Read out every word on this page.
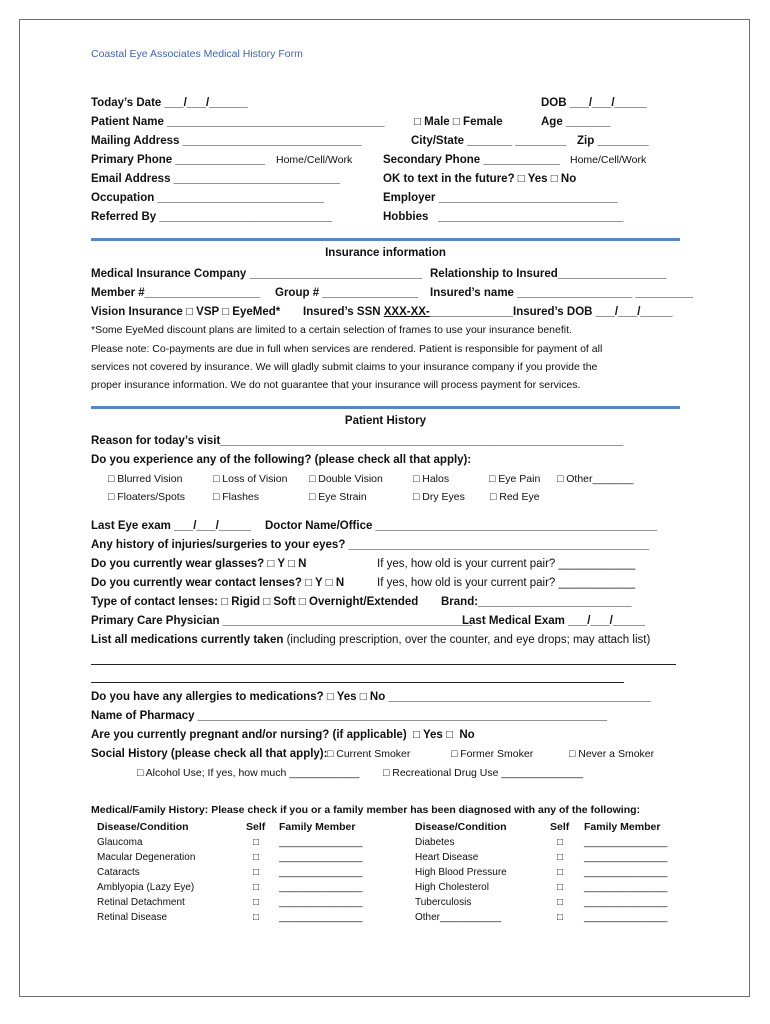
Coastal Eye Associates Medical History Form
Today’s Date ___/___/______	DOB ___/___/_____
Patient Name __________________________________	□ Male □ Female	Age _______
Mailing Address ____________________________	City/State _______ ________ Zip ________
Primary Phone ______________ Home/Cell/Work	Secondary Phone ____________ Home/Cell/Work
Email Address __________________________	OK to text in the future? □ Yes □ No
Occupation __________________________	Employer ____________________________
Referred By ___________________________	Hobbies   _____________________________
Insurance information
Medical Insurance Company ___________________________ Relationship to Insured_________________
Member #__________________ Group # _______________ Insured’s name __________________ _________
Vision Insurance □ VSP □ EyeMed* Insured’s SSN XXX-XX-_____________ Insured’s DOB ___/___/_____
*Some EyeMed discount plans are limited to a certain selection of frames to use your insurance benefit.
Please note: Co-payments are due in full when services are rendered. Patient is responsible for payment of all
services not covered by insurance. We will gladly submit claims to your insurance company if you provide the
proper insurance information. We do not guarantee that your insurance will process payment for services.
Patient History
Reason for today’s visit_______________________________________________________________
Do you experience any of the following? (please check all that apply):
□ Blurred Vision	□ Loss of Vision □ Double Vision	□ Halos	□ Eye Pain □ Other_______
□ Floaters/Spots	□ Flashes	□ Eye Strain	□ Dry Eyes □ Red Eye
Last Eye exam ___/___/_____ Doctor Name/Office ____________________________________________
Any history of injuries/surgeries to your eyes? _______________________________________________
Do you currently wear glasses? □ Y □ N	If yes, how old is your current pair? ____________
Do you currently wear contact lenses? □ Y □ N	If yes, how old is your current pair? ____________
Type of contact lenses: □ Rigid □ Soft □ Overnight/Extended Brand:________________________
Primary Care Physician _______________________________________
Last Medical Exam ___/___/_____
List all medications currently taken (including prescription, over the counter, and eye drops; may attach list)
Do you have any allergies to medications? □ Yes □ No _________________________________________
Name of Pharmacy ________________________________________________________________
Are you currently pregnant and/or nursing? (if applicable)  □ Yes □  No
Social History (please check all that apply): □ Current Smoker	□ Former Smoker	□ Never a Smoker
□ Alcohol Use; If yes, how much ____________ □ Recreational Drug Use ______________
Medical/Family History: Please check if you or a family member has been diagnosed with any of the following:
Disease/Condition	Self Family Member	Disease/Condition	Self Family Member
Glaucoma	□ _______________
Macular Degeneration	□ _______________
Cataracts	□ _______________
Amblyopia (Lazy Eye)	□ _______________
Retinal Detachment	□ _______________
Retinal Disease	□ _______________
Diabetes	□ _______________
Heart Disease	□ _______________
High Blood Pressure	□ _______________
High Cholesterol	□ _______________
Tuberculosis	□ _______________
Other___________	□ _______________
